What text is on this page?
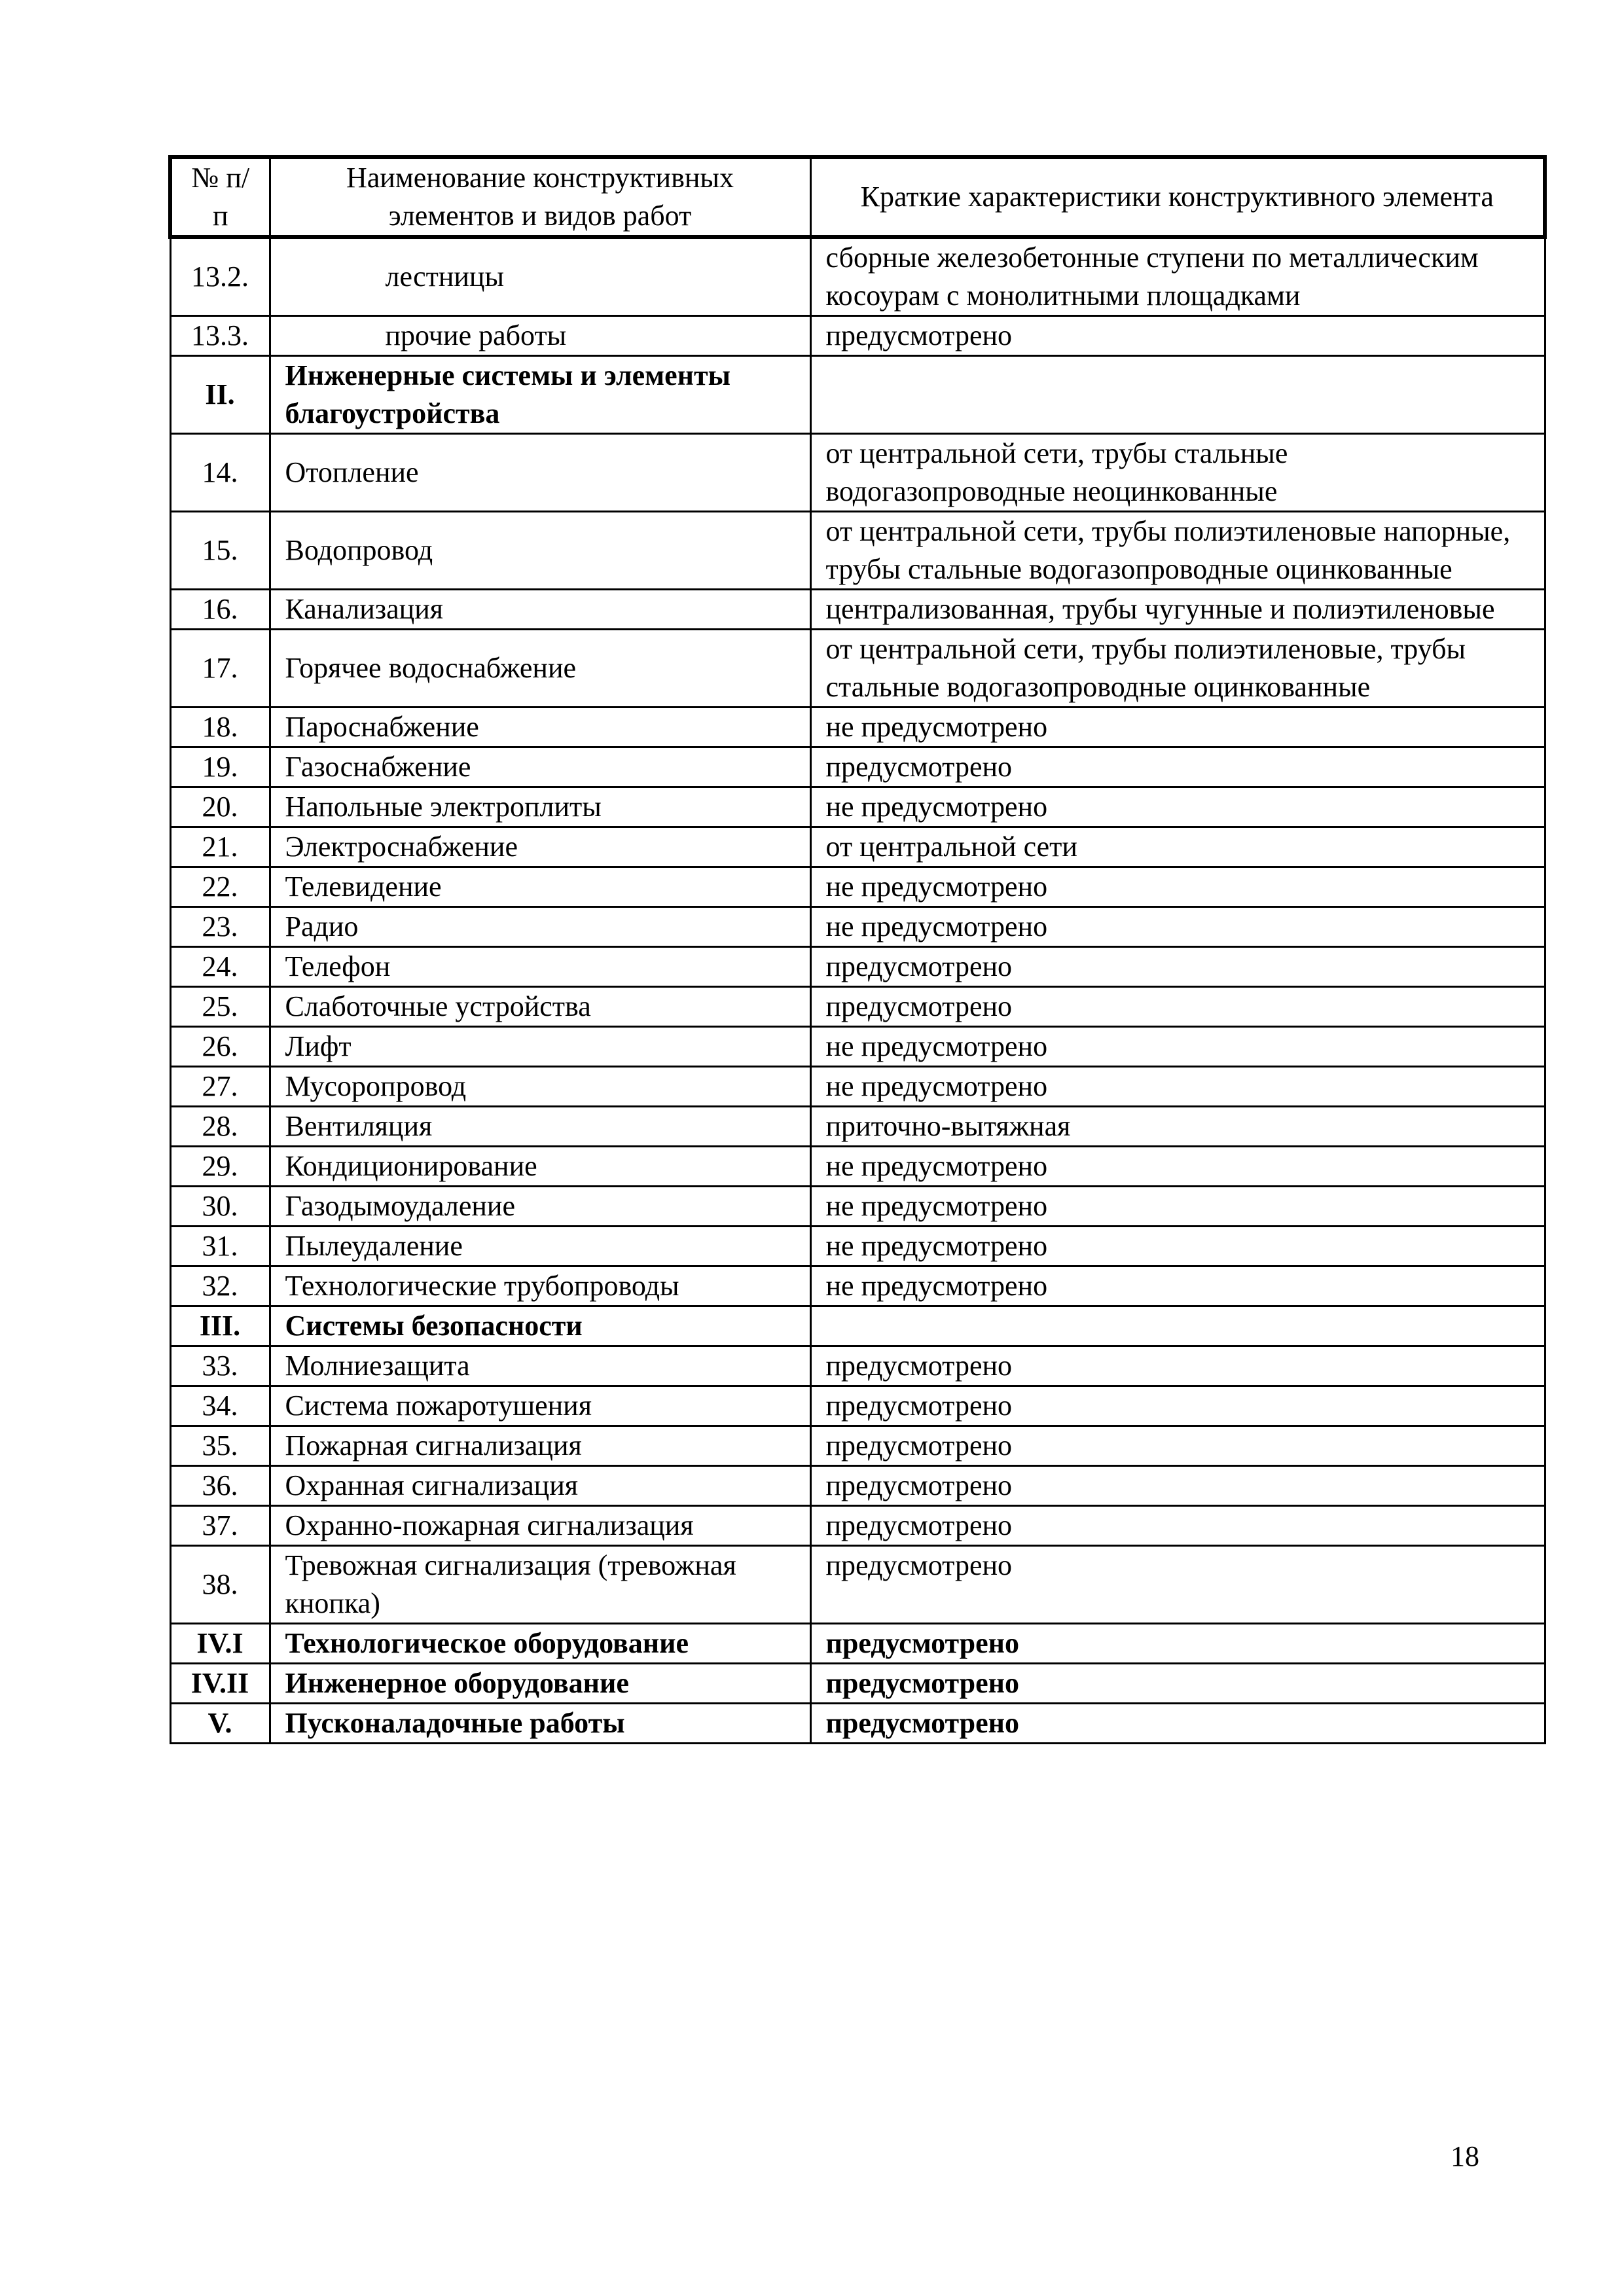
№ п/п	Наименование конструктивных элементов и видов работ	Краткие характеристики конструктивного элемента
13.2.	лестницы	сборные железобетонные ступени по металлическим косоурам с монолитными площадками
13.3.	прочие работы	предусмотрено
II.	Инженерные системы и элементы благоустройства	
14.	Отопление	от центральной сети, трубы стальные водогазопроводные неоцинкованные
15.	Водопровод	от центральной сети, трубы полиэтиленовые напорные, трубы стальные водогазопроводные оцинкованные
16.	Канализация	централизованная, трубы чугунные и полиэтиленовые
17.	Горячее водоснабжение	от центральной сети, трубы полиэтиленовые, трубы стальные водогазопроводные оцинкованные
18.	Пароснабжение	не предусмотрено
19.	Газоснабжение	предусмотрено
20.	Напольные электроплиты	не предусмотрено
21.	Электроснабжение	от центральной сети
22.	Телевидение	не предусмотрено
23.	Радио	не предусмотрено
24.	Телефон	предусмотрено
25.	Слаботочные устройства	предусмотрено
26.	Лифт	не предусмотрено
27.	Мусоропровод	не предусмотрено
28.	Вентиляция	приточно-вытяжная
29.	Кондиционирование	не предусмотрено
30.	Газодымоудаление	не предусмотрено
31.	Пылеудаление	не предусмотрено
32.	Технологические трубопроводы	не предусмотрено
III.	Системы безопасности	
33.	Молниезащита	предусмотрено
34.	Система пожаротушения	предусмотрено
35.	Пожарная сигнализация	предусмотрено
36.	Охранная сигнализация	предусмотрено
37.	Охранно-пожарная сигнализация	предусмотрено
38.	Тревожная сигнализация (тревожная кнопка)	предусмотрено
IV.I	Технологическое оборудование	предусмотрено
IV.II	Инженерное оборудование	предусмотрено
V.	Пусконаладочные работы	предусмотрено
18
